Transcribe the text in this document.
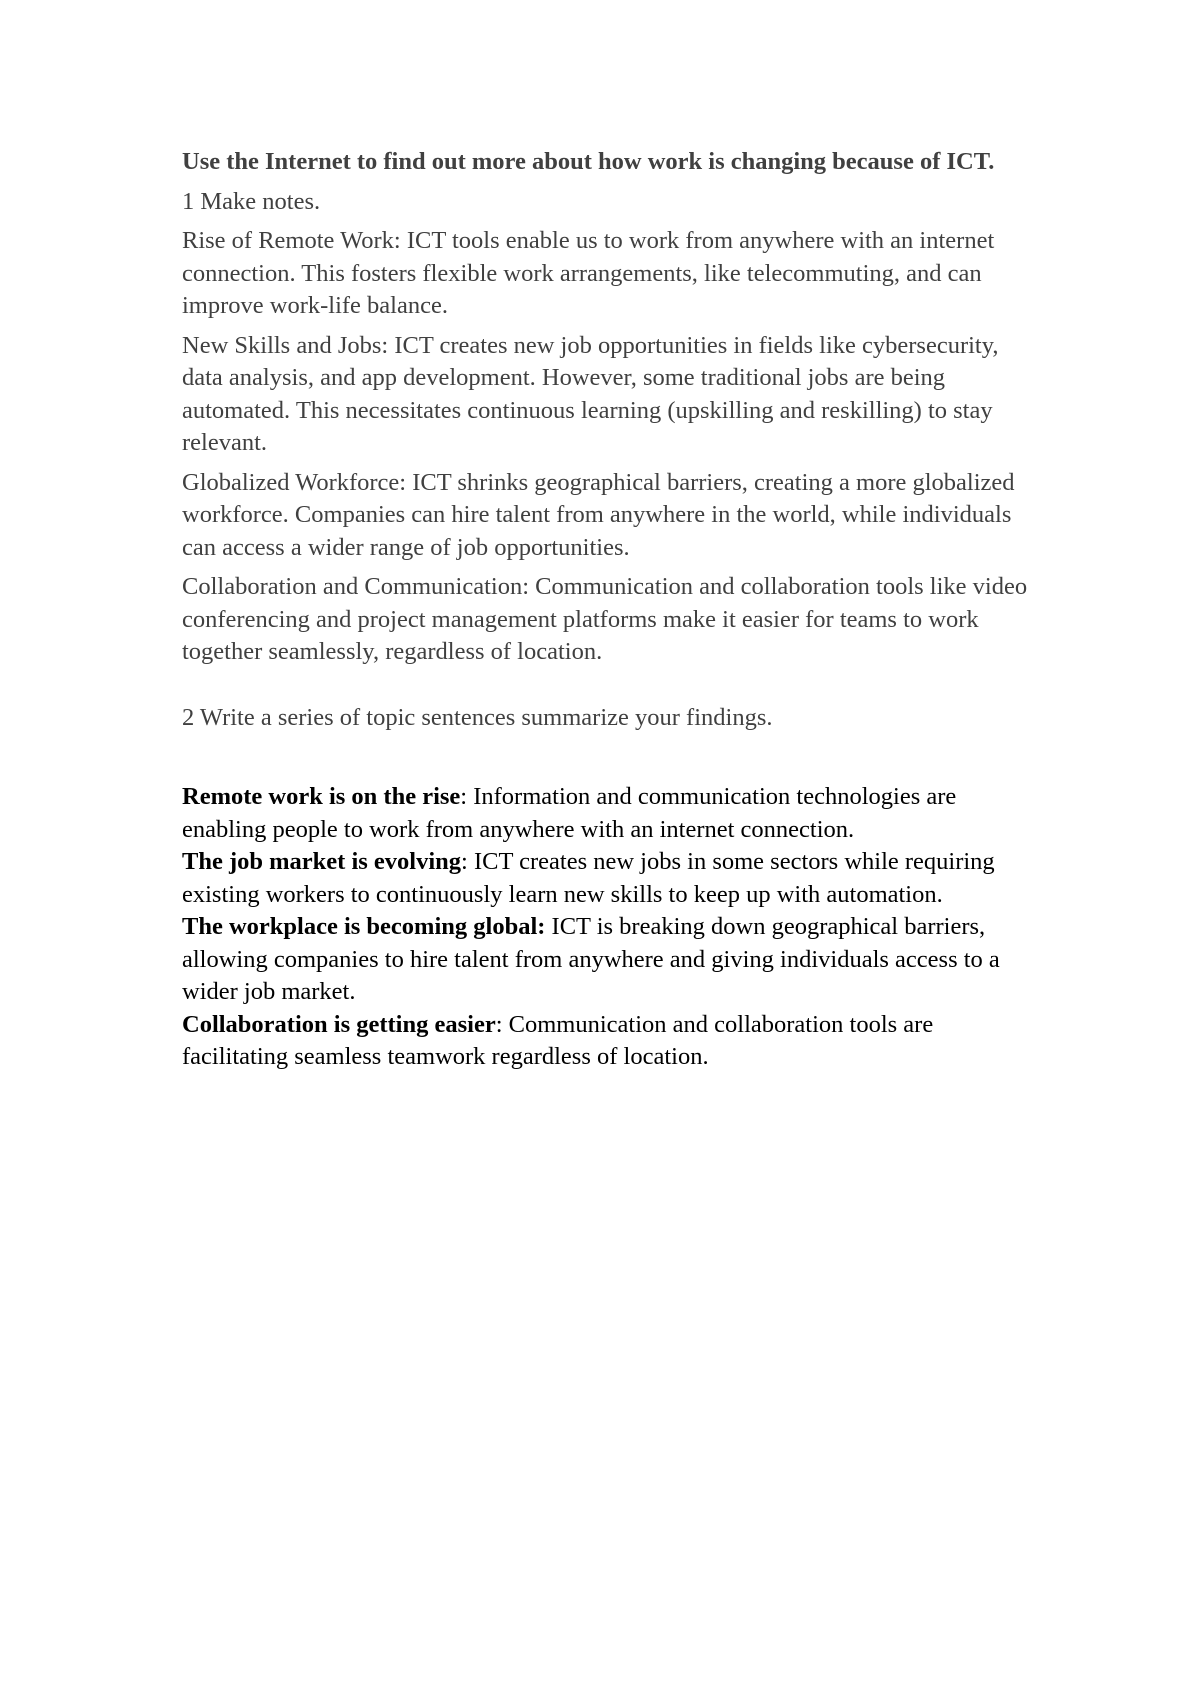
Use the Internet to find out more about how work is changing because of ICT.

1 Make notes.

Rise of Remote Work: ICT tools enable us to work from anywhere with an internet connection. This fosters flexible work arrangements, like telecommuting, and can improve work-life balance.

New Skills and Jobs: ICT creates new job opportunities in fields like cybersecurity, data analysis, and app development. However, some traditional jobs are being automated. This necessitates continuous learning (upskilling and reskilling) to stay relevant.

Globalized Workforce: ICT shrinks geographical barriers, creating a more globalized workforce. Companies can hire talent from anywhere in the world, while individuals can access a wider range of job opportunities.

Collaboration and Communication: Communication and collaboration tools like video conferencing and project management platforms make it easier for teams to work together seamlessly, regardless of location.

2 Write a series of topic sentences summarize your findings.

Remote work is on the rise: Information and communication technologies are enabling people to work from anywhere with an internet connection.

The job market is evolving: ICT creates new jobs in some sectors while requiring existing workers to continuously learn new skills to keep up with automation.

The workplace is becoming global: ICT is breaking down geographical barriers, allowing companies to hire talent from anywhere and giving individuals access to a wider job market.

Collaboration is getting easier: Communication and collaboration tools are facilitating seamless teamwork regardless of location.
